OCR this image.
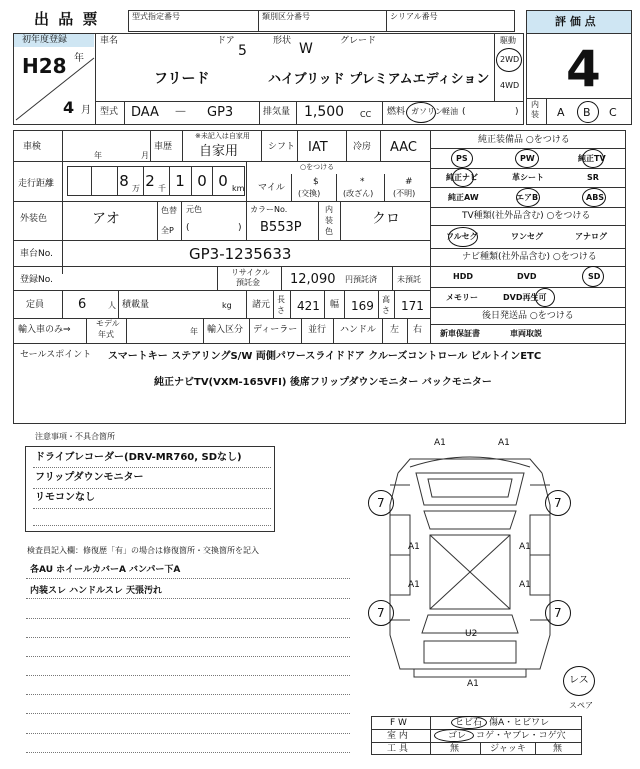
出 品 票	型式指定番号	類別区分番号	シリアル番号	評 価 点
4
内装	A B C
初年度登録
H28 年
4 月
車名	ドア
5
形状 W	グレード
フリード	ハイブリッド プレミアムエディション
駆動
2WD
4WD
型式 DAA － GP3	排気量 1,500 CC 燃料 ガソリン 軽油 (	)
車検
年	月
車歴
※未記入は自家用
自家用	シフト IAT	冷房 AAC
走行距離	8 万 2 千 1 0 0 km
○をつける
マイル
$
(交換)
*
(改ざん)
#
(不明)
外装色	アオ
色替
全P
元色
(	)
カラーNo.
B553P
内装色
クロ
車台No.	GP3-1235633
登録No.
リサイクル
預託金 12,090 円預託済	未預託
定員	6	人 積載量	kg 諸元
長さ 421 幅 169 高さ 171
輸入車のみ⇒
モデル
年式	年 輸入区分 ディーラー 並行 ハンドル 左 右
セールスポイント スマートキー ステアリングS/W 両側パワースライドドア クルーズコントロール ビルトインETC
純正ナビTV(VXM-165VFI) 後席フリップダウンモニター バックモニター
純正装備品 ○をつける
PS	PW	純正TV
純正ナビ	革シート	SR
純正AW	エアB	ABS
TV種類(社外品含む) ○をつける
フルセグ	ワンセグ	アナログ
ナビ種類(社外品含む) ○をつける
HDD	DVD	SD
メモリー	DVD再生可
後日発送品 ○をつける
新車保証書	車両取説
注意事項・不具合箇所
ドライブレコーダー(DRV-MR760, SDなし)
フリップダウンモニター
リモコンなし
検査員記入欄：修復歴「有」の場合は修復箇所・交換箇所を記入
各AU ホイールカバーA バンパー下A
内装スレ ハンドルスレ 天張汚れ
A1	A1
7	7
A1	A1
A1	A1
7	7
U2
A1	レス
スペア
F W	ヒビ石 傷A・ヒビワレ
室 内	ゴレ コゲ・ヤブレ・コゲ穴
工 具	無	ジャッキ	無
